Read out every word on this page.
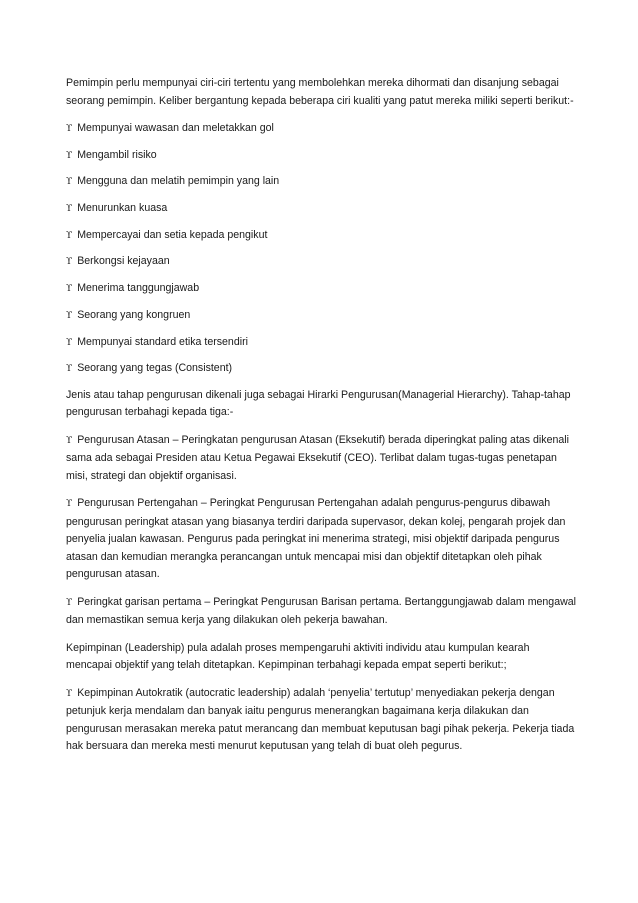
Pemimpin perlu mempunyai ciri-ciri tertentu yang membolehkan mereka dihormati dan disanjung sebagai seorang pemimpin. Keliber bergantung kepada beberapa ciri kualiti yang patut mereka miliki seperti berikut:-

ϒ Mempunyai wawasan dan meletakkan gol
ϒ Mengambil risiko
ϒ Mengguna dan melatih pemimpin yang lain
ϒ Menurunkan kuasa
ϒ Mempercayai dan setia kepada pengikut
ϒ Berkongsi kejayaan
ϒ Menerima tanggungjawab
ϒ Seorang yang kongruen
ϒ Mempunyai standard etika tersendiri
ϒ Seorang yang tegas (Consistent)

Jenis atau tahap pengurusan dikenali juga sebagai Hirarki Pengurusan(Managerial Hierarchy). Tahap-tahap pengurusan terbahagi kepada tiga:-

ϒ Pengurusan Atasan – Peringkatan pengurusan Atasan (Eksekutif) berada diperingkat paling atas dikenali sama ada sebagai Presiden atau Ketua Pegawai Eksekutif (CEO). Terlibat dalam tugas-tugas penetapan misi, strategi dan objektif organisasi.

ϒ Pengurusan Pertengahan – Peringkat Pengurusan Pertengahan adalah pengurus-pengurus dibawah pengurusan peringkat atasan yang biasanya terdiri daripada supervasor, dekan kolej, pengarah projek dan penyelia jualan kawasan. Pengurus pada peringkat ini menerima strategi, misi objektif daripada pengurus atasan dan kemudian merangka perancangan untuk mencapai misi dan objektif ditetapkan oleh pihak pengurusan atasan.

ϒ Peringkat garisan pertama – Peringkat Pengurusan Barisan pertama. Bertanggungjawab dalam mengawal dan memastikan semua kerja yang dilakukan oleh pekerja bawahan.

Kepimpinan (Leadership) pula adalah proses mempengaruhi aktiviti individu atau kumpulan kearah mencapai objektif yang telah ditetapkan. Kepimpinan terbahagi kepada empat seperti berikut:;

ϒ Kepimpinan Autokratik (autocratic leadership) adalah ‘penyelia’ tertutup’ menyediakan pekerja dengan petunjuk kerja mendalam dan banyak iaitu pengurus menerangkan bagaimana kerja dilakukan dan pengurusan merasakan mereka patut merancang dan membuat keputusan bagi pihak pekerja. Pekerja tiada hak bersuara dan mereka mesti menurut keputusan yang telah di buat oleh pegurus.
